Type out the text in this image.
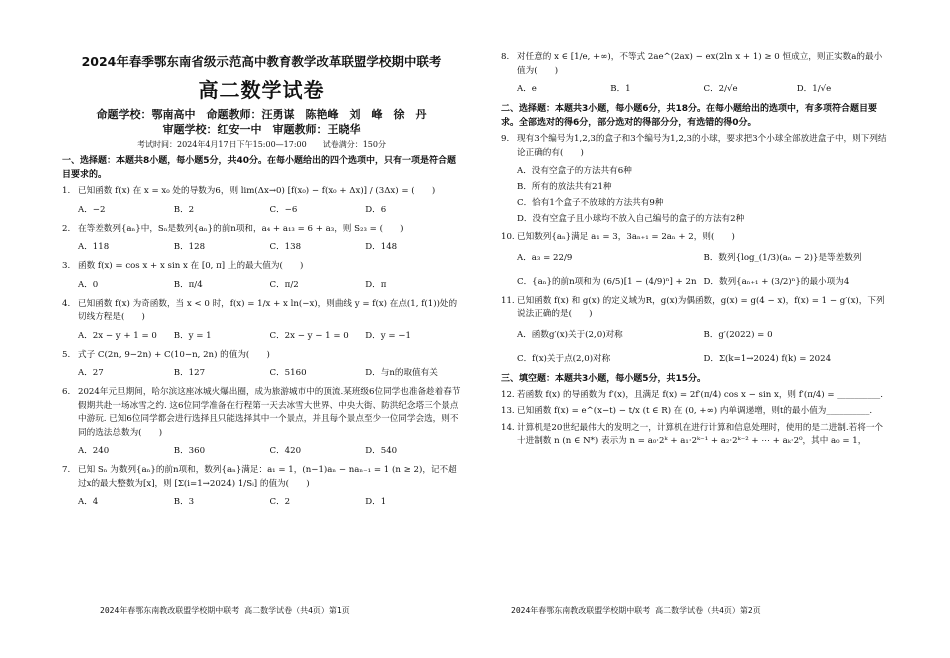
2024年春季鄂东南省级示范高中教育教学改革联盟学校期中联考
高二数学试卷
命题学校：鄂南高中　命题教师：汪勇谋　陈艳峰　刘　峰　徐　丹
审题学校：红安一中　审题教师：王晓华
考试时间：2024年4月17日下午15:00—17:00　　试卷满分：150分
一、选择题：本题共8小题，每小题5分，共40分。在每小题给出的四个选项中，只有一项是符合题目要求的。
1. 已知函数 f(x) 在 x = x₀ 处的导数为6，则 lim(Δx→0) [f(x₀) − f(x₀ + Δx)] / (3Δx) = (　　)
A．−2	B．2	C．−6	D．6
2. 在等差数列{aₙ}中，Sₙ是数列{aₙ}的前n项和，a₄ + a₁₃ = 6 + a₃，则 S₂₃ = (　　)
A．118	B．128	C．138	D．148
3. 函数 f(x) = cos x + x sin x 在 [0, π] 上的最大值为(　　)
A．0	B．π/4	C．π/2	D．π
4. 已知函数 f(x) 为奇函数，当 x < 0 时，f(x) = 1/x + x ln(−x)，则曲线 y = f(x) 在点(1, f(1))处的切线方程是(　　)
A．2x − y + 1 = 0	B．y = 1	C．2x − y − 1 = 0	D．y = −1
5. 式子 C(2n, 9−2n) + C(10−n, 2n) 的值为(　　)
A．27	B．127	C．5160	D．与n的取值有关
6. 2024年元旦期间，哈尔滨这座冰城火爆出圈，成为旅游城市中的顶流.某班级6位同学也准备趁着春节假期共赴一场冰雪之约. 这6位同学准备在行程第一天去冰雪大世界、中央大街、防洪纪念塔三个景点中游玩. 已知6位同学都会进行选择且只能选择其中一个景点，并且每个景点至少一位同学会选，则不同的选法总数为(　　)
A．240	B．360	C．420	D．540
7. 已知 Sₙ 为数列{aₙ}的前n项和，数列{aₙ}满足：a₁ = 1，(n−1)aₙ − naₙ₋₁ = 1 (n ≥ 2)，记不超过x的最大整数为[x]，则 [Σ(i=1→2024) 1/Sᵢ] 的值为(　　)
A．4	B．3	C．2	D．1
2024年春鄂东南教改联盟学校期中联考 高二数学试卷（共4页）第1页
8. 对任意的 x ∈ [1/e, +∞)，不等式 2ae^(2ax) − ex(2ln x + 1) ≥ 0 恒成立，则正实数a的最小值为(　　)
A．e	B．1	C．2/√e	D．1/√e
二、选择题：本题共3小题，每小题6分，共18分。在每小题给出的选项中，有多项符合题目要求。全部选对的得6分，部分选对的得部分分，有选错的得0分。
9. 现有3个编号为1,2,3的盒子和3个编号为1,2,3的小球，要求把3个小球全部放进盒子中，则下列结论正确的有(　　)
A．没有空盒子的方法共有6种
B．所有的放法共有21种
C．恰有1个盒子不放球的方法共有9种
D．没有空盒子且小球均不放入自己编号的盒子的方法有2种
10. 已知数列{aₙ}满足 a₁ = 3，3aₙ₊₁ = 2aₙ + 2，则(　　)
A．a₃ = 22/9	B．数列{log_(1/3)(aₙ − 2)}是等差数列
C．{aₙ}的前n项和为 (6/5)[1 − (4/9)ⁿ] + 2n D．数列{aₙ₊₁ + (3/2)ⁿ}的最小项为4
11. 已知函数 f(x) 和 g(x) 的定义域为R，g(x)为偶函数，g(x) = g(4 − x)，f(x) = 1 − g′(x)，下列说法正确的是(　　)
A．函数g′(x)关于(2,0)对称	B．g′(2022) = 0
C．f(x)关于点(2,0)对称	D．Σ(k=1→2024) f(k) = 2024
三、填空题：本题共3小题，每小题5分，共15分。
12. 若函数 f(x) 的导函数为 f′(x)，且满足 f(x) = 2f′(π/4) cos x − sin x，则 f′(π/4) = __________.
13. 已知函数 f(x) = e^(x−t) − t/x (t ∈ R) 在 (0, +∞) 内单调递增，则t的最小值为__________.
14. 计算机是20世纪最伟大的发明之一，计算机在进行计算和信息处理时，使用的是二进制.若将一个十进制数 n (n ∈ N*) 表示为 n = a₀·2ᵏ + a₁·2ᵏ⁻¹ + a₂·2ᵏ⁻² + ⋯ + aₖ·2⁰，其中 a₀ = 1，
2024年春鄂东南教改联盟学校期中联考 高二数学试卷（共4页）第2页
